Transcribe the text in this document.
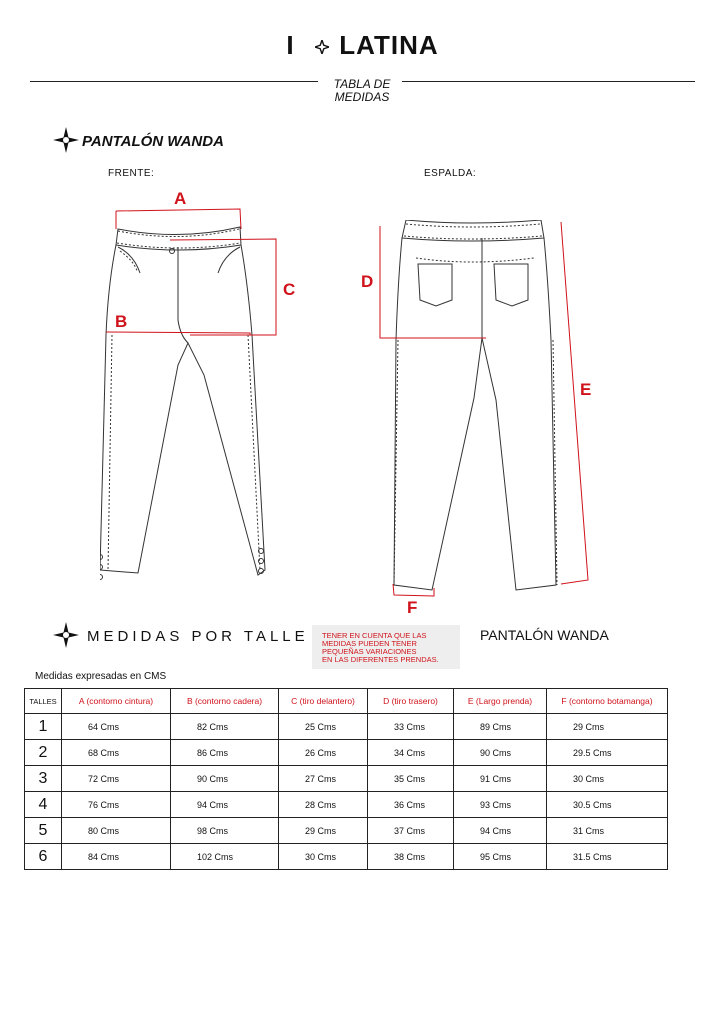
I LATINA
TABLA DE
MEDIDAS
PANTALÓN WANDA
FRENTE:	ESPALDA:
A
B
C	D
E
F
MEDIDAS POR TALLE TENER EN CUENTA QUE LAS
MEDIDAS PUEDEN TENER
PEQUEÑAS VARIACIONES
EN LAS DIFERENTES PRENDAS.
PANTALÓN WANDA
Medidas expresadas en CMS
TALLES	A (contorno cintura)	B (contorno cadera)	C (tiro delantero)	D (tiro trasero)	E (Largo prenda)	F (contorno botamanga)
1	64 Cms	82 Cms	25 Cms	33 Cms	89 Cms	29 Cms
2	68 Cms	86 Cms	26 Cms	34 Cms	90 Cms	29.5 Cms
3	72 Cms	90 Cms	27 Cms	35 Cms	91 Cms	30 Cms
4	76 Cms	94 Cms	28 Cms	36 Cms	93 Cms	30.5 Cms
5	80 Cms	98 Cms	29 Cms	37 Cms	94 Cms	31 Cms
6	84 Cms	102 Cms	30 Cms	38 Cms	95 Cms	31.5 Cms
